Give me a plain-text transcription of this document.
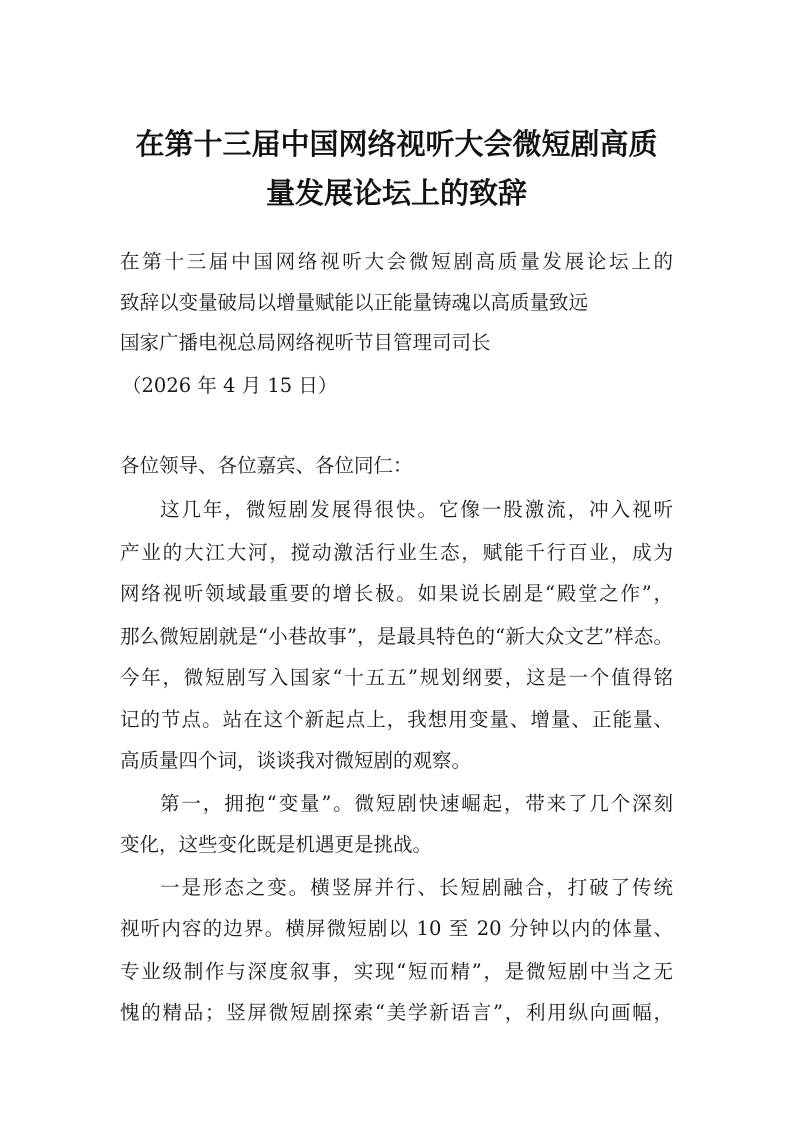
在第十三届中国网络视听大会微短剧高质
量发展论坛上的致辞
在第十三届中国网络视听大会微短剧高质量发展论坛上的
致辞以变量破局以增量赋能以正能量铸魂以高质量致远
国家广播电视总局网络视听节目管理司司长
（2026 年 4 月 15 日）
各位领导、各位嘉宾、各位同仁：
这几年，微短剧发展得很快。它像一股激流，冲入视听
产业的大江大河，搅动激活行业生态，赋能千行百业，成为
网络视听领域最重要的增长极。如果说长剧是“殿堂之作”，
那么微短剧就是“小巷故事”，是最具特色的“新大众文艺”样态。
今年，微短剧写入国家“十五五”规划纲要，这是一个值得铭
记的节点。站在这个新起点上，我想用变量、增量、正能量、
高质量四个词，谈谈我对微短剧的观察。
第一，拥抱“变量”。微短剧快速崛起，带来了几个深刻
变化，这些变化既是机遇更是挑战。
一是形态之变。横竖屏并行、长短剧融合，打破了传统
视听内容的边界。横屏微短剧以 10 至 20 分钟以内的体量、
专业级制作与深度叙事，实现“短而精”，是微短剧中当之无
愧的精品；竖屏微短剧探索“美学新语言”，利用纵向画幅，
